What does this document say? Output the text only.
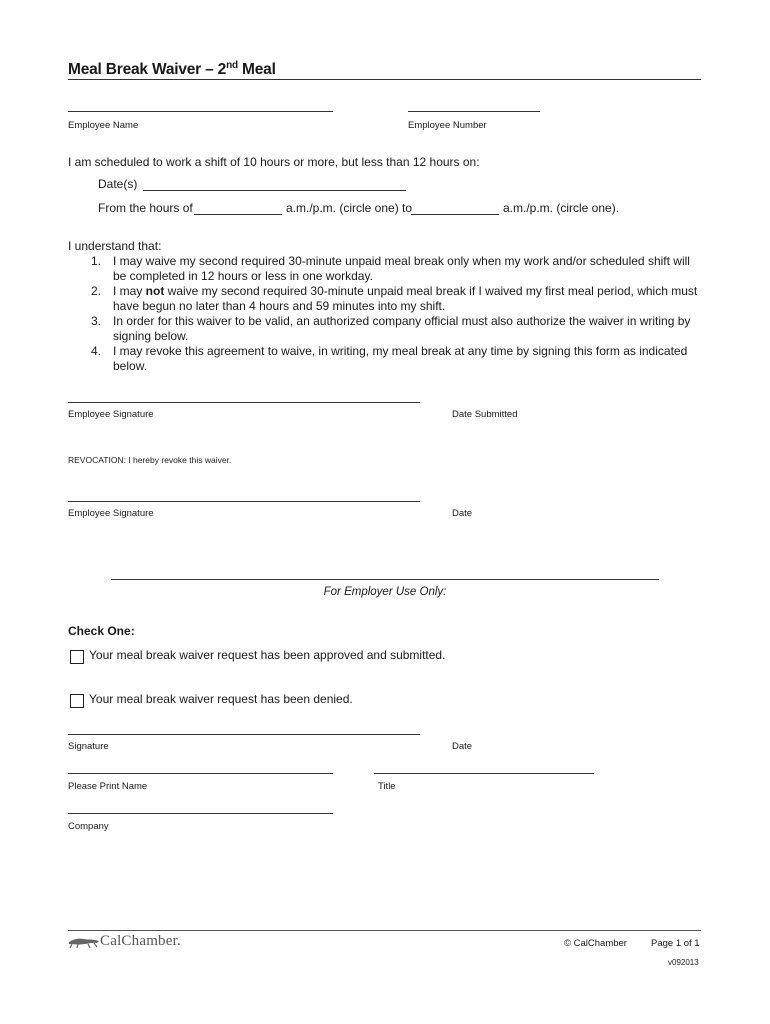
Meal Break Waiver – 2nd Meal
Employee Name	Employee Number
I am scheduled to work a shift of 10 hours or more, but less than 12 hours on:
Date(s)
From the hours of	a.m./p.m. (circle one) to	a.m./p.m. (circle one).
I understand that:
1. I may waive my second required 30-minute unpaid meal break only when my work and/or scheduled shift will
be completed in 12 hours or less in one workday.
2. I may not waive my second required 30-minute unpaid meal break if I waived my first meal period, which must
have begun no later than 4 hours and 59 minutes into my shift.
3. In order for this waiver to be valid, an authorized company official must also authorize the waiver in writing by
signing below.
4. I may revoke this agreement to waive, in writing, my meal break at any time by signing this form as indicated
below.
Employee Signature	Date Submitted
REVOCATION: I hereby revoke this waiver.
Employee Signature	Date
For Employer Use Only:
Check One:
Your meal break waiver request has been approved and submitted.
Your meal break waiver request has been denied.
Signature	Date
Please Print Name	Title
Company
CalChamber.	© CalChamber	Page 1 of 1
v092013
